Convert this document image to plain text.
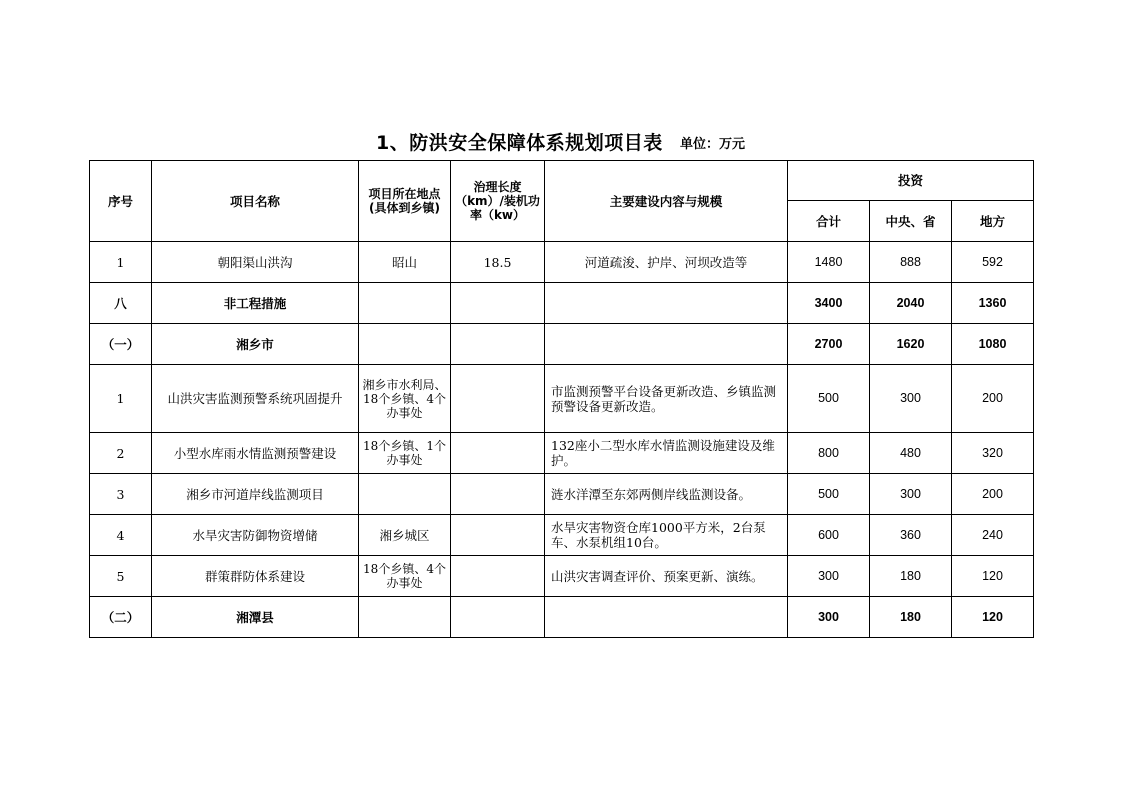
1、防洪安全保障体系规划项目表 单位：万元
序号	项目名称	项目所在地点(具体到乡镇)	治理长度（km）/装机功率（kw）	主要建设内容与规模	投资		
					合计	中央、省	地方
1	朝阳渠山洪沟	昭山	18.5	河道疏浚、护岸、河坝改造等	1480	888	592
八	非工程措施				3400	2040	1360
（一）	湘乡市				2700	1620	1080
1	山洪灾害监测预警系统巩固提升	湘乡市水利局、18个乡镇、4个办事处		市监测预警平台设备更新改造、乡镇监测预警设备更新改造。	500	300	200
2	小型水库雨水情监测预警建设	18个乡镇、1个办事处		132座小二型水库水情监测设施建设及维护。	800	480	320
3	湘乡市河道岸线监测项目			涟水洋潭至东郊两侧岸线监测设备。	500	300	200
4	水旱灾害防御物资增储	湘乡城区		水旱灾害物资仓库1000平方米，2台泵车、水泵机组10台。	600	360	240
5	群策群防体系建设	18个乡镇、4个办事处		山洪灾害调查评价、预案更新、演练。	300	180	120
（二）	湘潭县				300	180	120
